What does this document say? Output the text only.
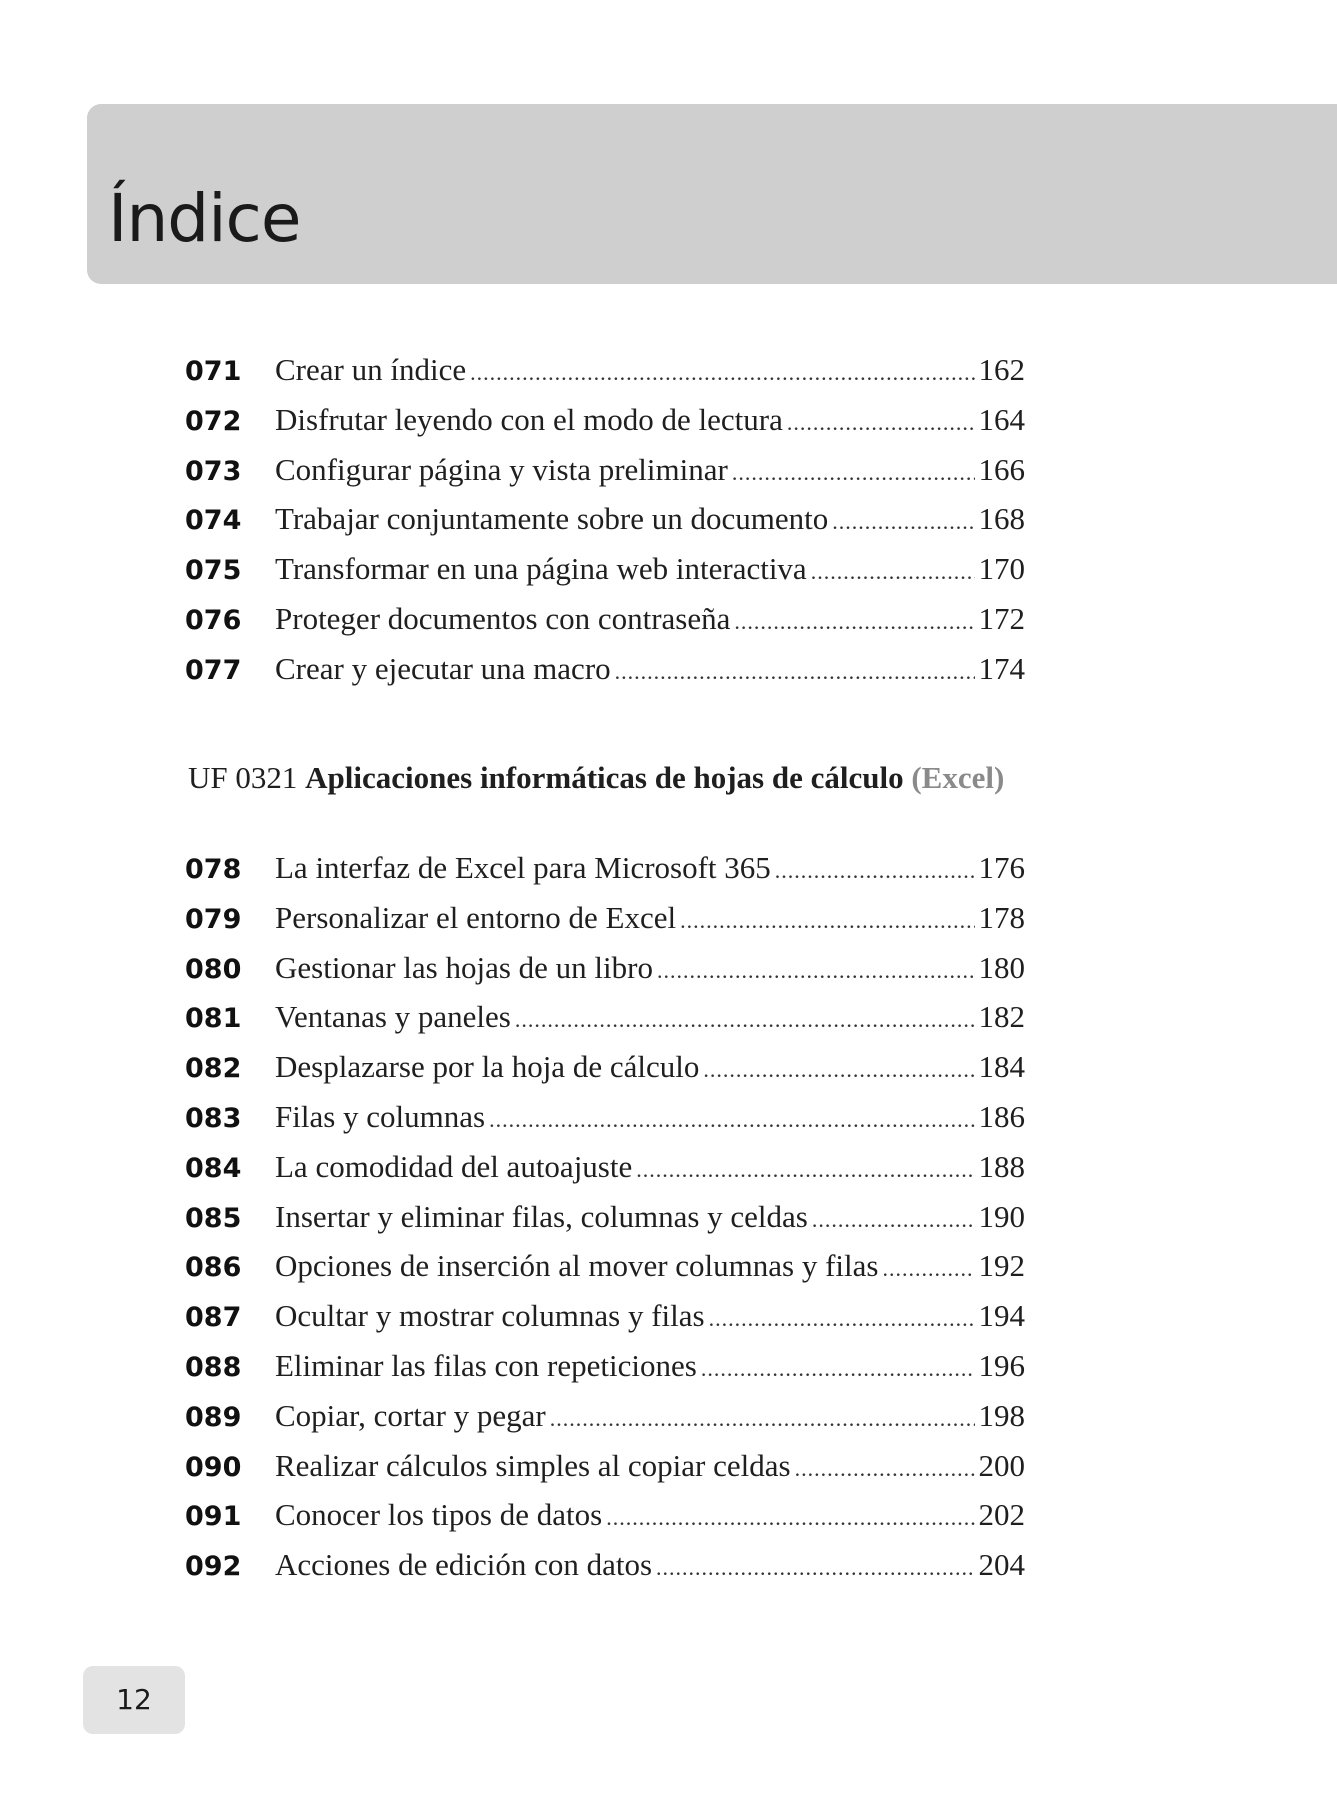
Índice
071	Crear un índice .....	162
072	Disfrutar leyendo con el modo de lectura .....	164
073	Configurar página y vista preliminar .....	166
074	Trabajar conjuntamente sobre un documento .....	168
075	Transformar en una página web interactiva .....	170
076	Proteger documentos con contraseña .....	172
077	Crear y ejecutar una macro .....	174
UF 0321 Aplicaciones informáticas de hojas de cálculo (Excel)
078	La interfaz de Excel para Microsoft 365 .....	176
079	Personalizar el entorno de Excel .....	178
080	Gestionar las hojas de un libro .....	180
081	Ventanas y paneles .....	182
082	Desplazarse por la hoja de cálculo .....	184
083	Filas y columnas .....	186
084	La comodidad del autoajuste .....	188
085	Insertar y eliminar filas, columnas y celdas .....	190
086	Opciones de inserción al mover columnas y filas .....	192
087	Ocultar y mostrar columnas y filas .....	194
088	Eliminar las filas con repeticiones .....	196
089	Copiar, cortar y pegar .....	198
090	Realizar cálculos simples al copiar celdas .....	200
091	Conocer los tipos de datos .....	202
092	Acciones de edición con datos .....	204
12
